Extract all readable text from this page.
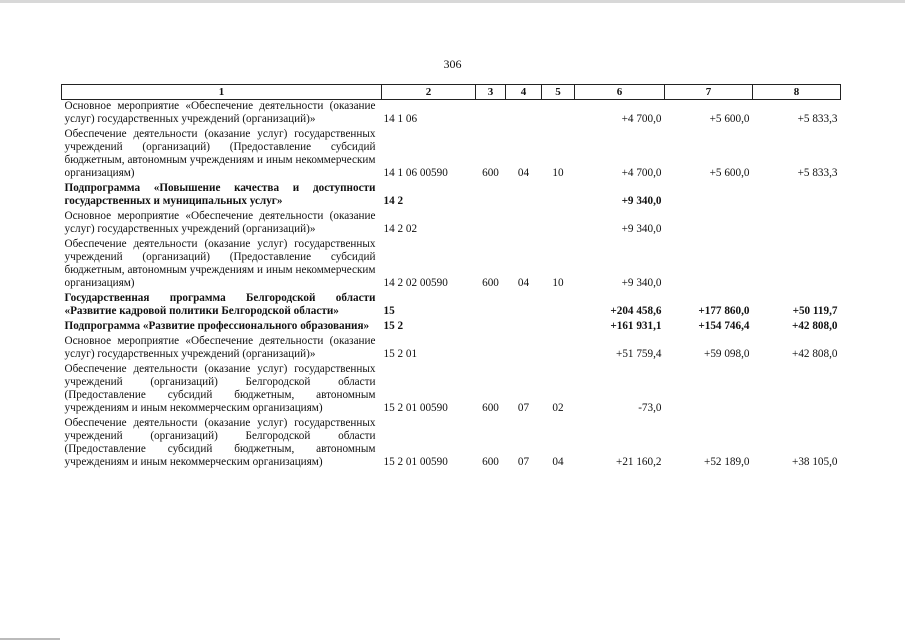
306
1	2	3	4	5	6	7	8
Основное мероприятие «Обеспечение деятельности (оказание услуг) государственных учреждений (организаций)»	14 1 06				+4 700,0	+5 600,0	+5 833,3
Обеспечение деятельности (оказание услуг) государственных учреждений (организаций) (Предоставление субсидий бюджетным, автономным учреждениям и иным некоммерческим организациям)	14 1 06 00590	600	04	10	+4 700,0	+5 600,0	+5 833,3
Подпрограмма «Повышение качества и доступности государственных и муниципальных услуг»	14 2				+9 340,0		
Основное мероприятие «Обеспечение деятельности (оказание услуг) государственных учреждений (организаций)»	14 2 02				+9 340,0		
Обеспечение деятельности (оказание услуг) государственных учреждений (организаций) (Предоставление субсидий бюджетным, автономным учреждениям и иным некоммерческим организациям)	14 2 02 00590	600	04	10	+9 340,0		
Государственная программа Белгородской области «Развитие кадровой политики Белгородской области»	15				+204 458,6	+177 860,0	+50 119,7
Подпрограмма «Развитие профессионального образования»	15 2				+161 931,1	+154 746,4	+42 808,0
Основное мероприятие «Обеспечение деятельности (оказание услуг) государственных учреждений (организаций)»	15 2 01				+51 759,4	+59 098,0	+42 808,0
Обеспечение деятельности (оказание услуг) государственных учреждений (организаций) Белгородской области (Предоставление субсидий бюджетным, автономным учреждениям и иным некоммерческим организациям)	15 2 01 00590	600	07	02	-73,0		
Обеспечение деятельности (оказание услуг) государственных учреждений (организаций) Белгородской области (Предоставление субсидий бюджетным, автономным учреждениям и иным некоммерческим организациям)	15 2 01 00590	600	07	04	+21 160,2	+52 189,0	+38 105,0
